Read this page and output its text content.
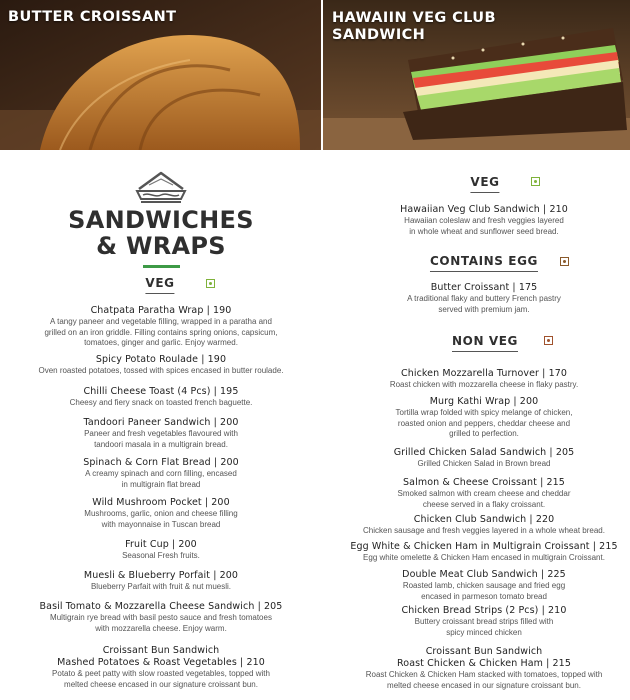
BUTTER CROISSANT	HAWAIIN VEG CLUB
SANDWICH
SANDWICHES
& WRAPS
VEG
Chatpata Paratha Wrap | 190
A tangy paneer and vegetable filling, wrapped in a paratha and
grilled on an iron griddle. Filling contains spring onions, capsicum,
tomatoes, ginger and garlic. Enjoy warmed.
Spicy Potato Roulade | 190
Oven roasted potatoes, tossed with spices encased in butter roulade.
Chilli Cheese Toast (4 Pcs) | 195
Cheesy and fiery snack on toasted french baguette.
Tandoori Paneer Sandwich | 200
Paneer and fresh vegetables flavoured with
tandoori masala in a multigrain bread.
Spinach & Corn Flat Bread | 200
A creamy spinach and corn filling, encased
in multigrain flat bread
Wild Mushroom Pocket | 200
Mushrooms, garlic, onion and cheese filling
with mayonnaise in Tuscan bread
Fruit Cup | 200
Seasonal Fresh fruits.
Muesli & Blueberry Porfait | 200
Blueberry Parfait with fruit & nut muesli.
Basil Tomato & Mozzarella Cheese Sandwich | 205
Multigrain rye bread with basil pesto sauce and fresh tomatoes
with mozzarella cheese. Enjoy warm.
Croissant Bun Sandwich
Mashed Potatoes & Roast Vegetables | 210
Potato & peet patty with slow roasted vegetables, topped with
melted cheese encased in our signature croissant bun.
VEG
Hawaiian Veg Club Sandwich | 210
Hawaiian coleslaw and fresh veggies layered
in whole wheat and sunflower seed bread.
CONTAINS EGG
Butter Croissant | 175
A traditional flaky and buttery French pastry
served with premium jam.
NON VEG
Chicken Mozzarella Turnover | 170
Roast chicken with mozzarella cheese in flaky pastry.
Murg Kathi Wrap | 200
Tortilla wrap folded with spicy melange of chicken,
roasted onion and peppers, cheddar cheese and
grilled to perfection.
Grilled Chicken Salad Sandwich | 205
Grilled Chicken Salad in Brown bread
Salmon & Cheese Croissant | 215
Smoked salmon with cream cheese and cheddar
cheese served in a flaky croissant.
Chicken Club Sandwich | 220
Chicken sausage and fresh veggies layered in a whole wheat bread.
Egg White & Chicken Ham in Multigrain Croissant | 215
Egg white omelette & Chicken Ham encased in multigrain Croissant.
Double Meat Club Sandwich | 225
Roasted lamb, chicken sausage and fried egg
encased in parmeson tomato bread
Chicken Bread Strips (2 Pcs) | 210
Buttery croissant bread strips filled with
spicy minced chicken
Croissant Bun Sandwich
Roast Chicken & Chicken Ham | 215
Roast Chicken & Chicken Ham stacked with tomatoes, topped with
melted cheese encased in our signature croissant bun.
